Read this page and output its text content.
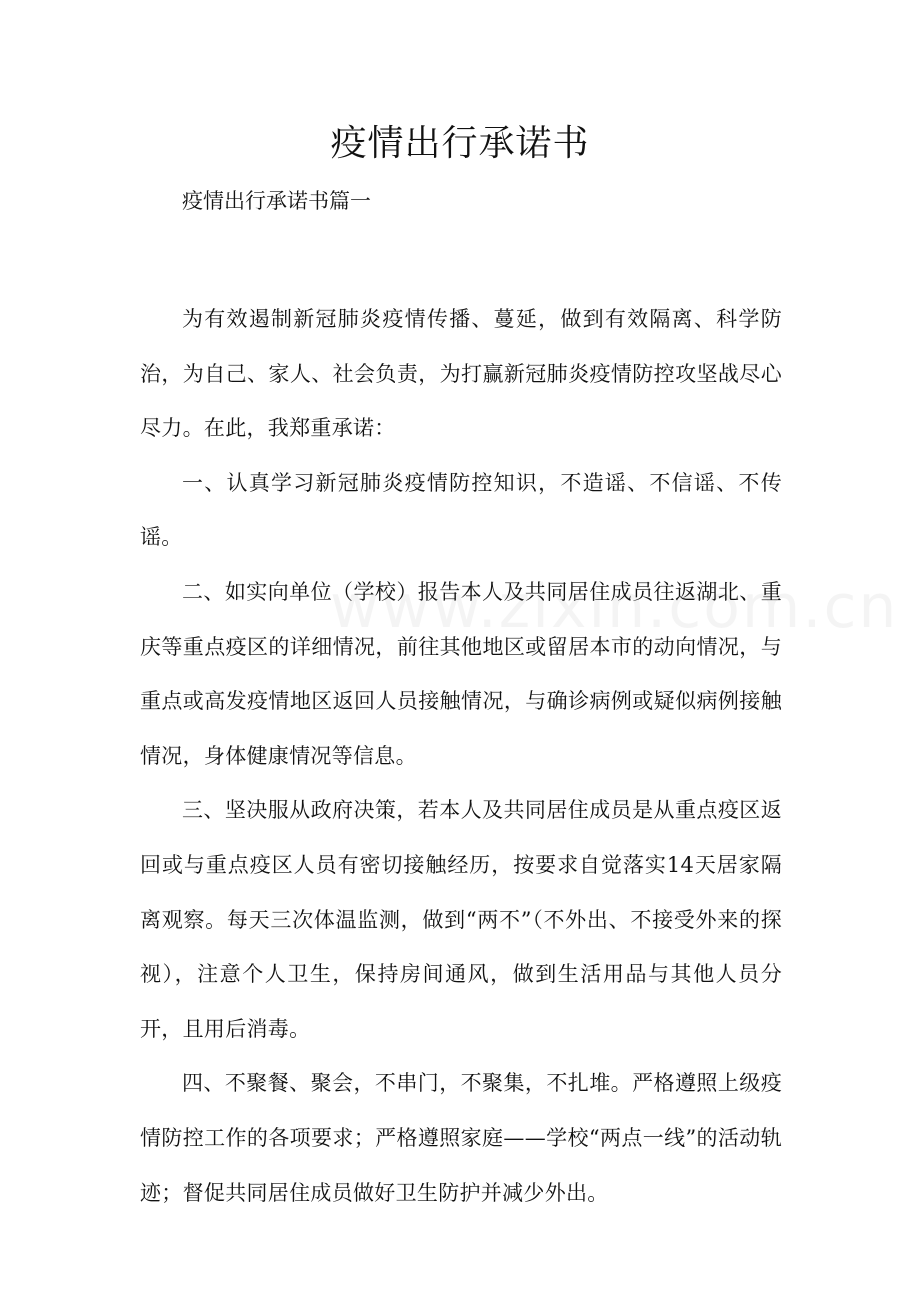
疫情出行承诺书

疫情出行承诺书篇一

为有效遏制新冠肺炎疫情传播、蔓延，做到有效隔离、科学防治，为自己、家人、社会负责，为打赢新冠肺炎疫情防控攻坚战尽心尽力。在此，我郑重承诺：

一、认真学习新冠肺炎疫情防控知识，不造谣、不信谣、不传谣。

二、如实向单位（学校）报告本人及共同居住成员往返湖北、重庆等重点疫区的详细情况，前往其他地区或留居本市的动向情况，与重点或高发疫情地区返回人员接触情况，与确诊病例或疑似病例接触情况，身体健康情况等信息。

三、坚决服从政府决策，若本人及共同居住成员是从重点疫区返回或与重点疫区人员有密切接触经历，按要求自觉落实14天居家隔离观察。每天三次体温监测，做到“两不”（不外出、不接受外来的探视），注意个人卫生，保持房间通风，做到生活用品与其他人员分开，且用后消毒。

四、不聚餐、聚会，不串门，不聚集，不扎堆。严格遵照上级疫情防控工作的各项要求；严格遵照家庭——学校“两点一线”的活动轨迹；督促共同居住成员做好卫生防护并减少外出。
